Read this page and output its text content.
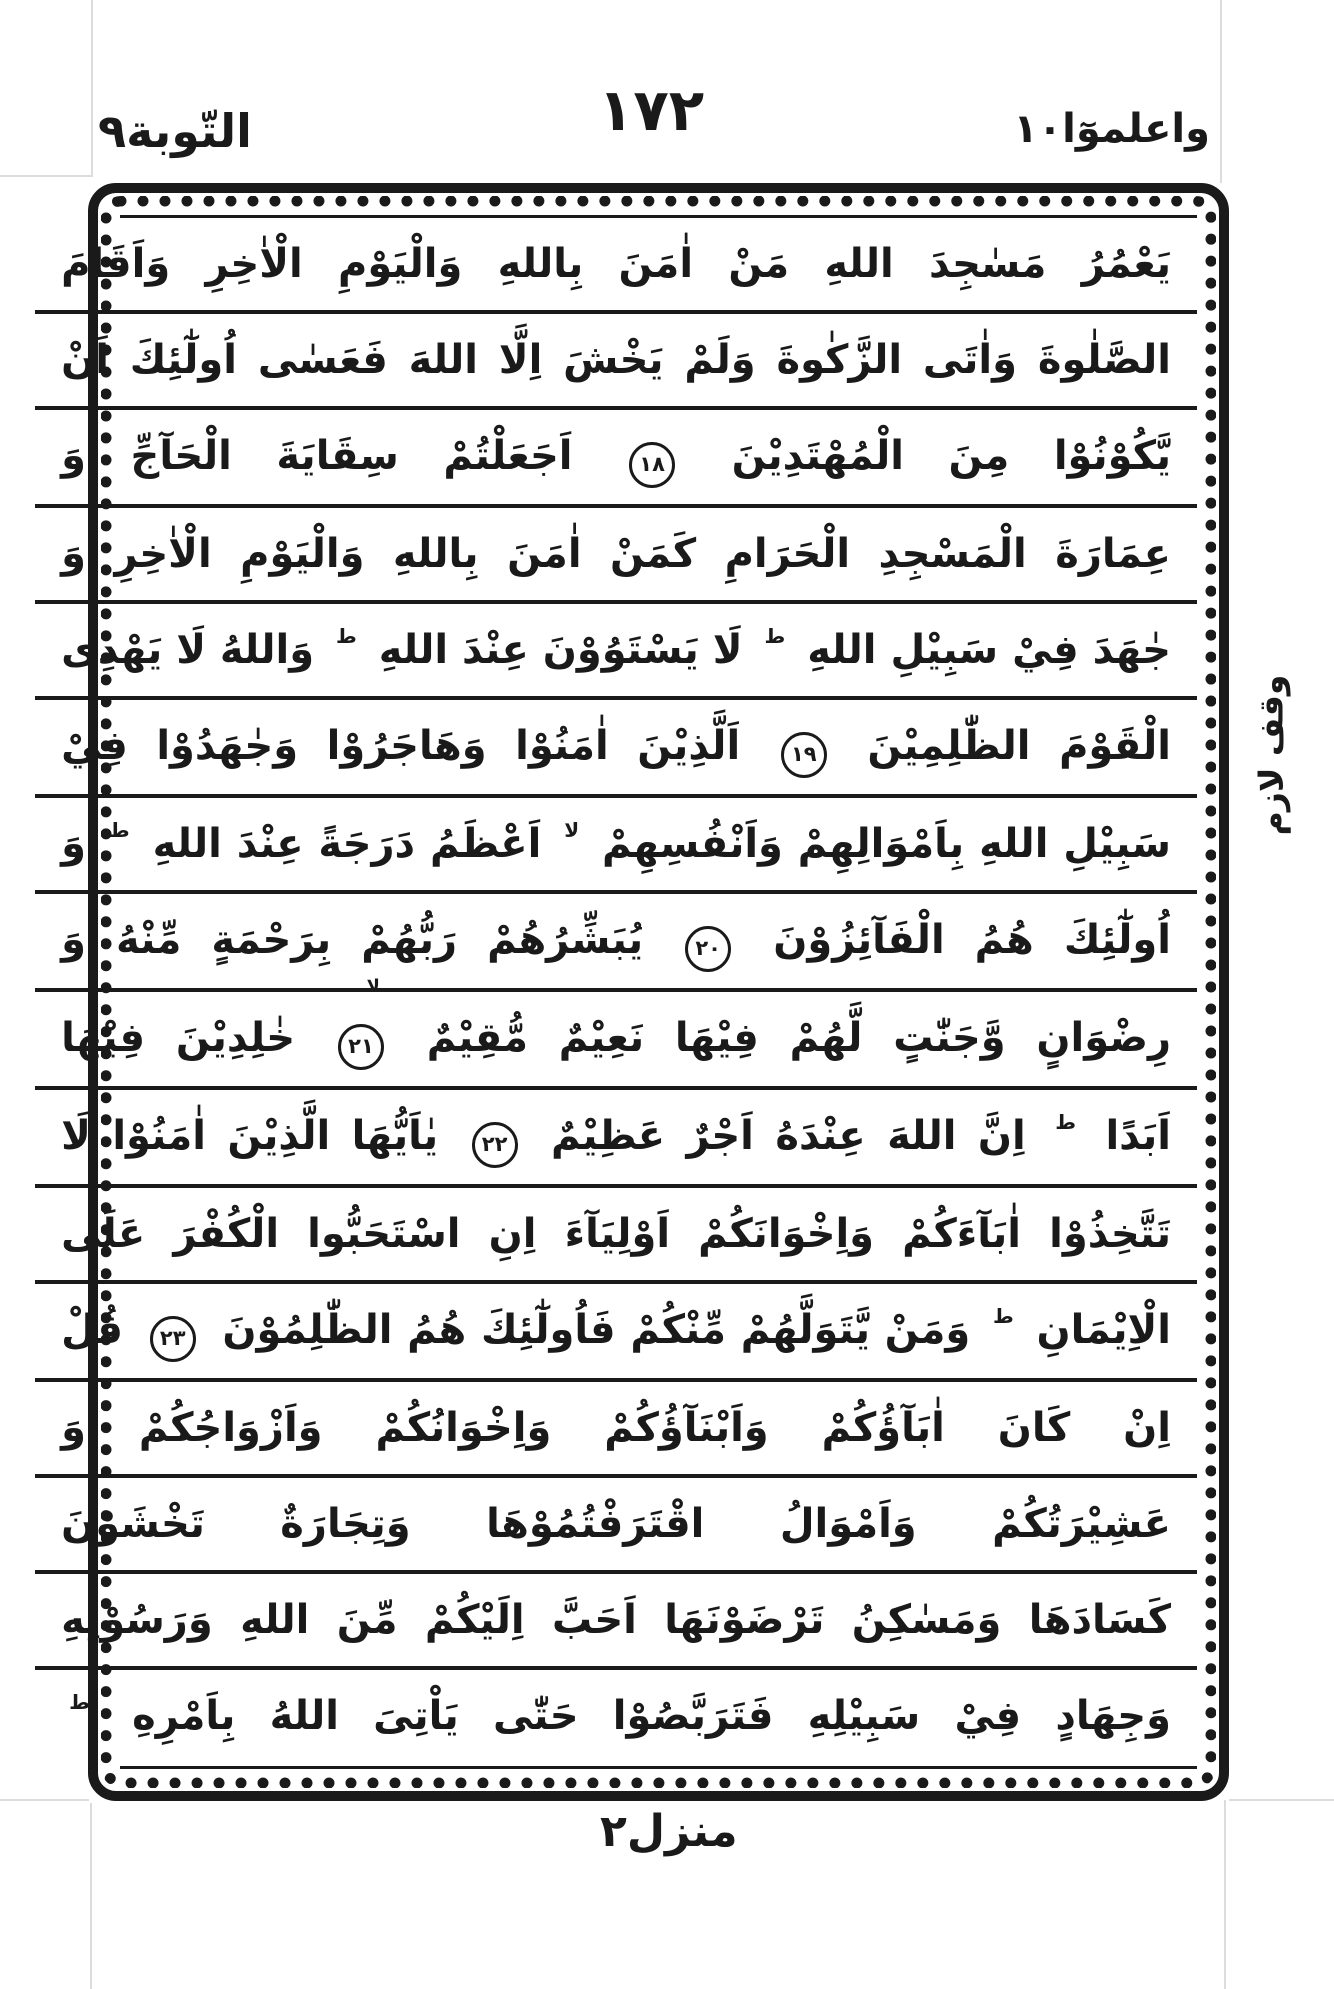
التّوبة٩	١٧٢	واعلموٓا١٠
يَعْمُرُ مَسٰجِدَ اللهِ مَنْ اٰمَنَ بِاللهِ وَالْيَوْمِ الْاٰخِرِ وَاَقَامَ
الصَّلٰوةَ وَاٰتَى الزَّكٰوةَ وَلَمْ يَخْشَ اِلَّا اللهَ فَعَسٰى اُولٰٓئِكَ اَنْ
يَّكُوْنُوْا مِنَ الْمُهْتَدِيْنَ ١٨ اَجَعَلْتُمْ سِقَايَةَ الْحَآجِّ وَ
عِمَارَةَ الْمَسْجِدِ الْحَرَامِ كَمَنْ اٰمَنَ بِاللهِ وَالْيَوْمِ الْاٰخِرِ وَ
جٰهَدَ فِيْ سَبِيْلِ اللهِ ط لَا يَسْتَوُوْنَ عِنْدَ اللهِ ط وَاللهُ لَا يَهْدِى
الْقَوْمَ الظّٰلِمِيْنَ ١٩ اَلَّذِيْنَ اٰمَنُوْا وَهَاجَرُوْا وَجٰهَدُوْا فِيْ
سَبِيْلِ اللهِ بِاَمْوَالِهِمْ وَاَنْفُسِهِمْ لا اَعْظَمُ دَرَجَةً عِنْدَ اللهِ ط وَ
اُولٰٓئِكَ هُمُ الْفَآئِزُوْنَ ٢٠ يُبَشِّرُهُمْ رَبُّهُمْ بِرَحْمَةٍ مِّنْهُ وَ
رِضْوَانٍ وَّجَنّٰتٍ لَّهُمْ فِيْهَا نَعِيْمٌ مُّقِيْمٌ
لا
٢١ خٰلِدِيْنَ فِيْهَا
اَبَدًا ط اِنَّ اللهَ عِنْدَهُ اَجْرٌ عَظِيْمٌ ٢٢ يٰاَيُّهَا الَّذِيْنَ اٰمَنُوْا لَا
تَتَّخِذُوْا اٰبَآءَكُمْ وَاِخْوَانَكُمْ اَوْلِيَآءَ اِنِ اسْتَحَبُّوا الْكُفْرَ عَلَى
الْاِيْمَانِ ط وَمَنْ يَّتَوَلَّهُمْ مِّنْكُمْ فَاُولٰٓئِكَ هُمُ الظّٰلِمُوْنَ ٢٣ قُلْ
اِنْ كَانَ اٰبَآؤُكُمْ وَاَبْنَآؤُكُمْ وَاِخْوَانُكُمْ وَاَزْوَاجُكُمْ وَ
عَشِيْرَتُكُمْ وَاَمْوَالُ اقْتَرَفْتُمُوْهَا وَتِجَارَةٌ تَخْشَوْنَ
كَسَادَهَا وَمَسٰكِنُ تَرْضَوْنَهَا اَحَبَّ اِلَيْكُمْ مِّنَ اللهِ وَرَسُوْلِهِ
وَجِهَادٍ فِيْ سَبِيْلِهِ فَتَرَبَّصُوْا حَتّٰى يَاْتِىَ اللهُ بِاَمْرِهِ ط
وقف لازم
منزل٢
